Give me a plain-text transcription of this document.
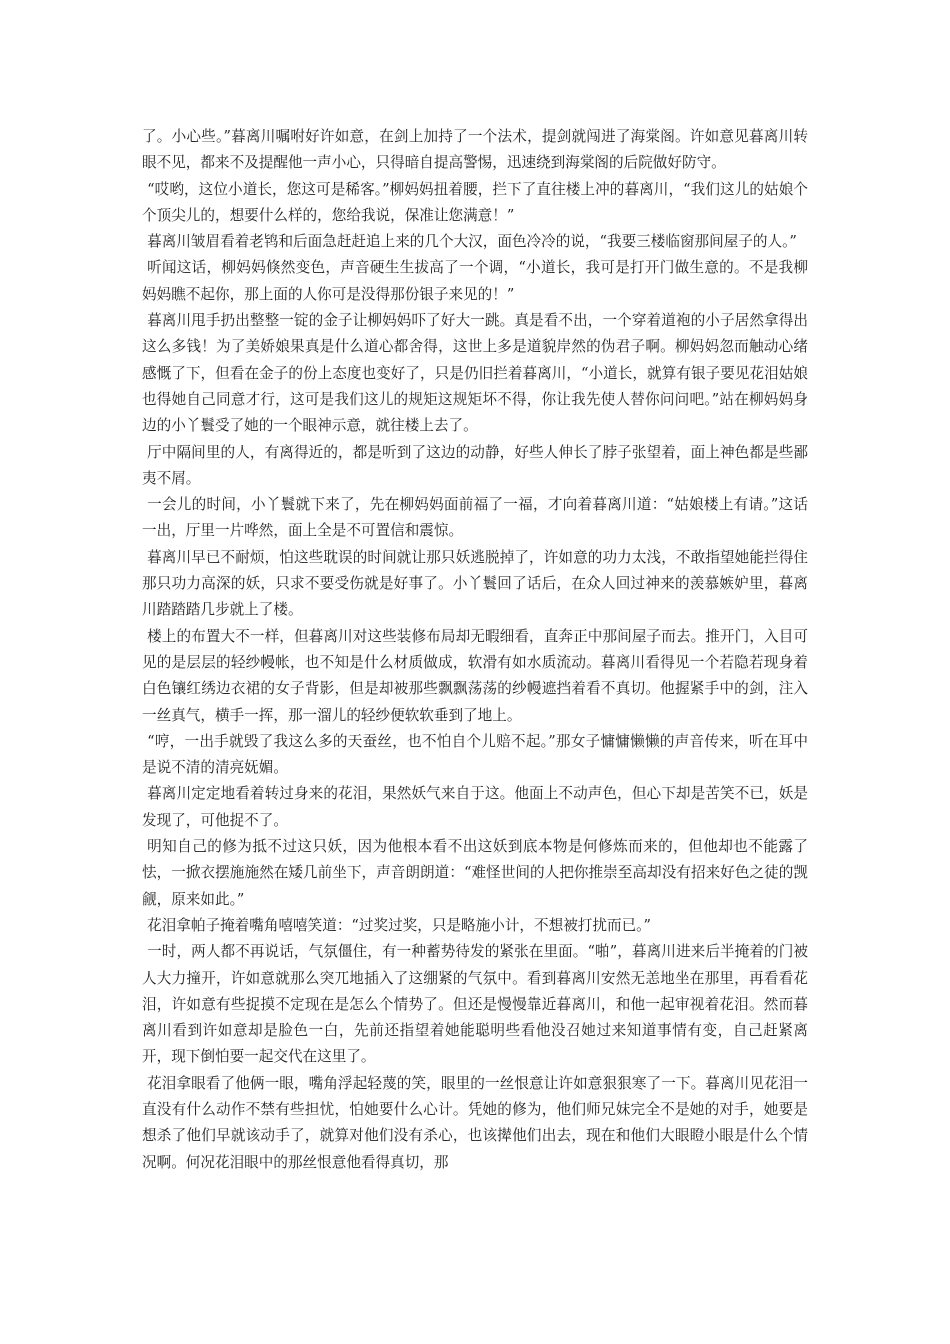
了。小心些。”暮离川嘱咐好许如意，在剑上加持了一个法术，提剑就闯进了海棠阁。许如意见暮离川转眼不见，都来不及提醒他一声小心，只得暗自提高警惕，迅速绕到海棠阁的后院做好防守。

“哎哟，这位小道长，您这可是稀客。”柳妈妈扭着腰，拦下了直往楼上冲的暮离川，“我们这儿的姑娘个个顶尖儿的，想要什么样的，您给我说，保准让您满意！”

暮离川皱眉看着老鸨和后面急赶赶追上来的几个大汉，面色冷冷的说，“我要三楼临窗那间屋子的人。”

听闻这话，柳妈妈倏然变色，声音硬生生拔高了一个调，“小道长，我可是打开门做生意的。不是我柳妈妈瞧不起你，那上面的人你可是没得那份银子来见的！”

暮离川甩手扔出整整一锭的金子让柳妈妈吓了好大一跳。真是看不出，一个穿着道袍的小子居然拿得出这么多钱！为了美娇娘果真是什么道心都舍得，这世上多是道貌岸然的伪君子啊。柳妈妈忽而触动心绪感慨了下，但看在金子的份上态度也变好了，只是仍旧拦着暮离川，“小道长，就算有银子要见花泪姑娘也得她自己同意才行，这可是我们这儿的规矩这规矩坏不得，你让我先使人替你问问吧。”站在柳妈妈身边的小丫鬟受了她的一个眼神示意，就往楼上去了。

厅中隔间里的人，有离得近的，都是听到了这边的动静，好些人伸长了脖子张望着，面上神色都是些鄙夷不屑。

一会儿的时间，小丫鬟就下来了，先在柳妈妈面前福了一福，才向着暮离川道：“姑娘楼上有请。”这话一出，厅里一片哗然，面上全是不可置信和震惊。

暮离川早已不耐烦，怕这些耽误的时间就让那只妖逃脱掉了，许如意的功力太浅，不敢指望她能拦得住那只功力高深的妖，只求不要受伤就是好事了。小丫鬟回了话后，在众人回过神来的羡慕嫉妒里，暮离川踏踏踏几步就上了楼。

楼上的布置大不一样，但暮离川对这些装修布局却无暇细看，直奔正中那间屋子而去。推开门，入目可见的是层层的轻纱幔帐，也不知是什么材质做成，软滑有如水质流动。暮离川看得见一个若隐若现身着白色镶红绣边衣裙的女子背影，但是却被那些飘飘荡荡的纱幔遮挡着看不真切。他握紧手中的剑，注入一丝真气，横手一挥，那一溜儿的轻纱便软软垂到了地上。

“哼，一出手就毁了我这么多的天蚕丝，也不怕自个儿赔不起。”那女子慵慵懒懒的声音传来，听在耳中是说不清的清亮妩媚。

暮离川定定地看着转过身来的花泪，果然妖气来自于这。他面上不动声色，但心下却是苦笑不已，妖是发现了，可他捉不了。

明知自己的修为抵不过这只妖，因为他根本看不出这妖到底本物是何修炼而来的，但他却也不能露了怯，一掀衣摆施施然在矮几前坐下，声音朗朗道：“难怪世间的人把你推崇至高却没有招来好色之徒的觊觎，原来如此。”

花泪拿帕子掩着嘴角嘻嘻笑道：“过奖过奖，只是略施小计，不想被打扰而已。”

一时，两人都不再说话，气氛僵住，有一种蓄势待发的紧张在里面。“啪”，暮离川进来后半掩着的门被人大力撞开，许如意就那么突兀地插入了这绷紧的气氛中。看到暮离川安然无恙地坐在那里，再看看花泪，许如意有些捉摸不定现在是怎么个情势了。但还是慢慢靠近暮离川，和他一起审视着花泪。然而暮离川看到许如意却是脸色一白，先前还指望着她能聪明些看他没召她过来知道事情有变，自己赶紧离开，现下倒怕要一起交代在这里了。

花泪拿眼看了他俩一眼，嘴角浮起轻蔑的笑，眼里的一丝恨意让许如意狠狠寒了一下。暮离川见花泪一直没有什么动作不禁有些担忧，怕她要什么心计。凭她的修为，他们师兄妹完全不是她的对手，她要是想杀了他们早就该动手了，就算对他们没有杀心，也该撵他们出去，现在和他们大眼瞪小眼是什么个情况啊。何况花泪眼中的那丝恨意他看得真切，那
